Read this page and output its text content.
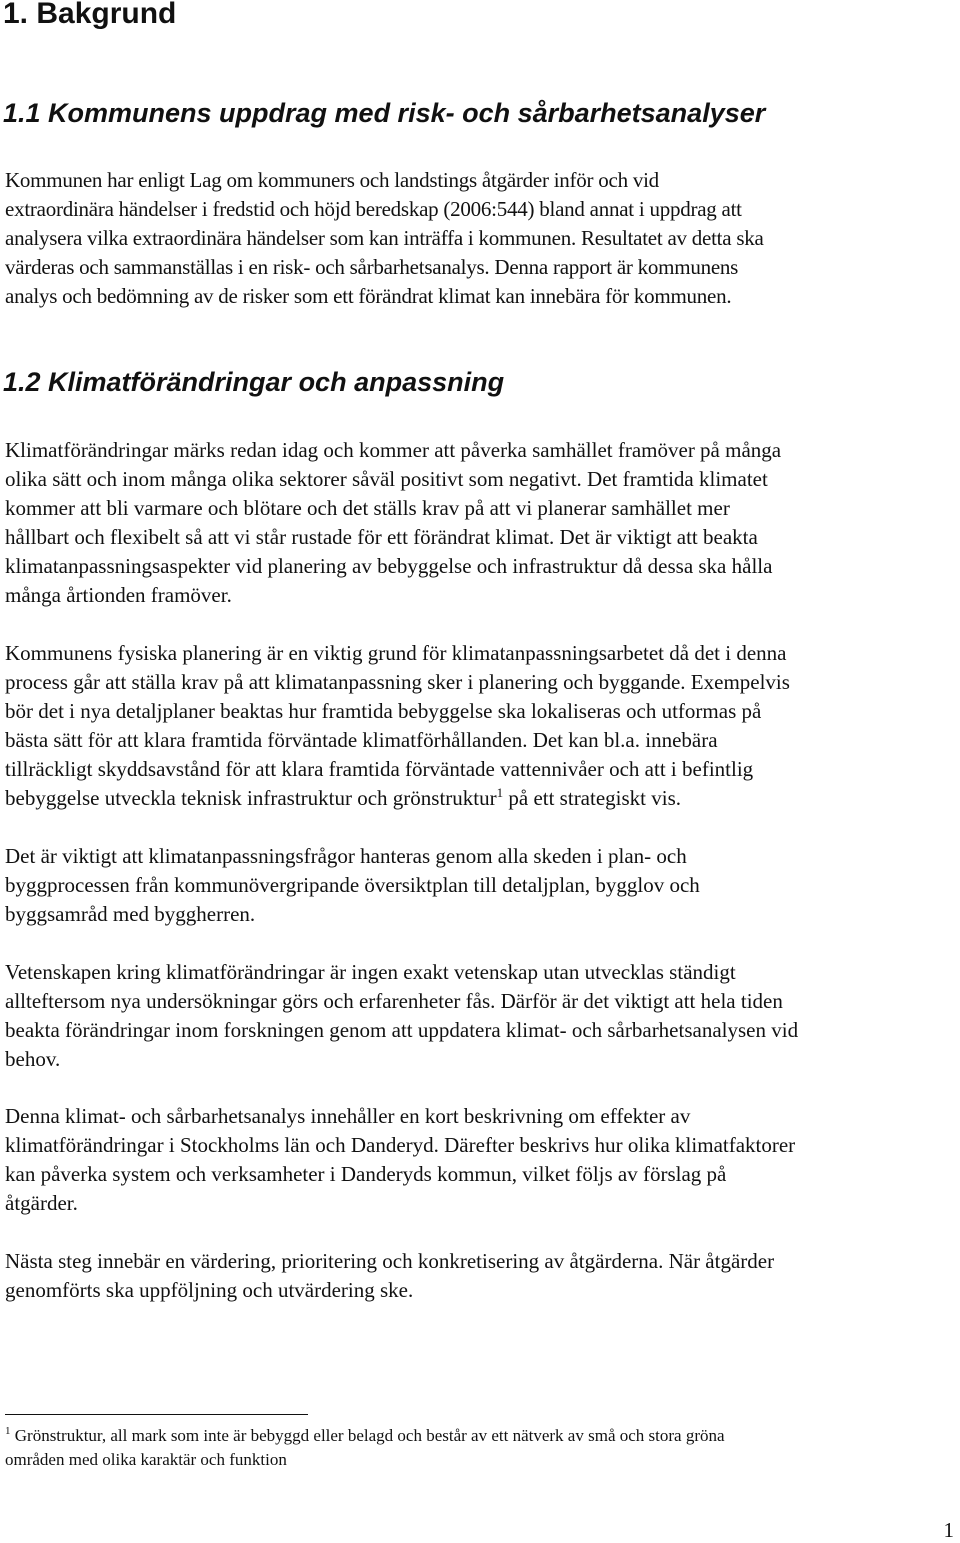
1. Bakgrund
1.1 Kommunens uppdrag med risk- och sårbarhetsanalyser

Kommunen har enligt Lag om kommuners och landstings åtgärder inför och vid
extraordinära händelser i fredstid och höjd beredskap (2006:544) bland annat i uppdrag att
analysera vilka extraordinära händelser som kan inträffa i kommunen. Resultatet av detta ska
värderas och sammanställas i en risk- och sårbarhetsanalys. Denna rapport är kommunens
analys och bedömning av de risker som ett förändrat klimat kan innebära för kommunen.

1.2 Klimatförändringar och anpassning

Klimatförändringar märks redan idag och kommer att påverka samhället framöver på många
olika sätt och inom många olika sektorer såväl positivt som negativt. Det framtida klimatet
kommer att bli varmare och blötare och det ställs krav på att vi planerar samhället mer
hållbart och flexibelt så att vi står rustade för ett förändrat klimat. Det är viktigt att beakta
klimatanpassningsaspekter vid planering av bebyggelse och infrastruktur då dessa ska hålla
många årtionden framöver.

Kommunens fysiska planering är en viktig grund för klimatanpassningsarbetet då det i denna
process går att ställa krav på att klimatanpassning sker i planering och byggande. Exempelvis
bör det i nya detaljplaner beaktas hur framtida bebyggelse ska lokaliseras och utformas på
bästa sätt för att klara framtida förväntade klimatförhållanden. Det kan bl.a. innebära
tillräckligt skyddsavstånd för att klara framtida förväntade vattennivåer och att i befintlig
bebyggelse utveckla teknisk infrastruktur och grönstruktur$^1$ på ett strategiskt vis.

Det är viktigt att klimatanpassningsfrågor hanteras genom alla skeden i plan- och
byggprocessen från kommunövergripande översiktplan till detaljplan, bygglov och
byggsamråd med byggherren.

Vetenskapen kring klimatförändringar är ingen exakt vetenskap utan utvecklas ständigt
allteftersom nya undersökningar görs och erfarenheter fås. Därför är det viktigt att hela tiden
beakta förändringar inom forskningen genom att uppdatera klimat- och sårbarhetsanalysen vid
behov.

Denna klimat- och sårbarhetsanalys innehåller en kort beskrivning om effekter av
klimatförändringar i Stockholms län och Danderyd. Därefter beskrivs hur olika klimatfaktorer
kan påverka system och verksamheter i Danderyds kommun, vilket följs av förslag på
åtgärder.

Nästa steg innebär en värdering, prioritering och konkretisering av åtgärderna. När åtgärder
genomförts ska uppföljning och utvärdering ske.

$^1$ Grönstruktur, all mark som inte är bebyggd eller belagd och består av ett nätverk av små och stora gröna
områden med olika karaktär och funktion

1
